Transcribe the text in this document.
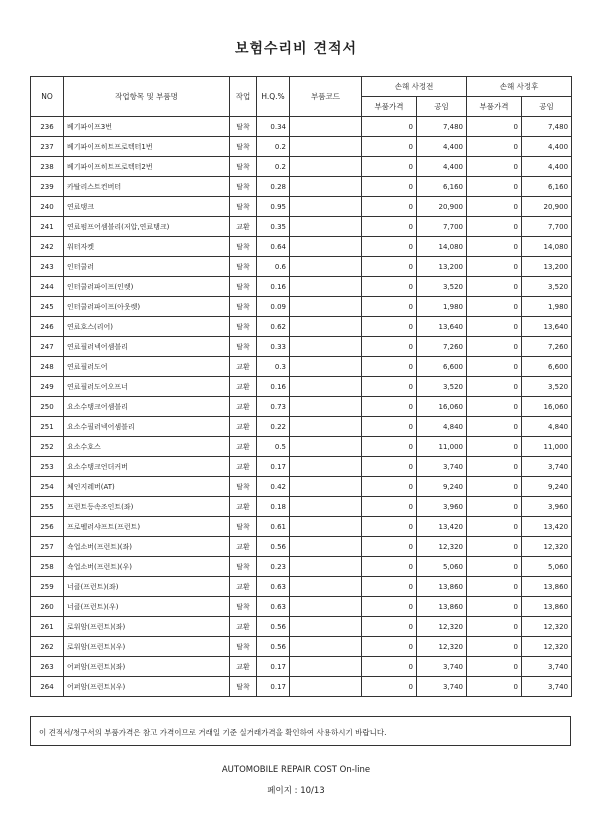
보험수리비 견적서
NO	작업항목 및 부품명	작업	H.Q.%	부품코드	손해 사정전		손해 사정후	
					부품가격	공임	부품가격	공임
236	베기파이프3번	탈착	0.34		0	7,480	0	7,480
237	베기파이프히트프로텍터1번	탈착	0.2		0	4,400	0	4,400
238	베기파이프히트프로텍터2번	탈착	0.2		0	4,400	0	4,400
239	카탈리스트컨버터	탈착	0.28		0	6,160	0	6,160
240	연료탱크	탈착	0.95		0	20,900	0	20,900
241	연료펌프어셈블리(저압,연료탱크)	교환	0.35		0	7,700	0	7,700
242	워터자켓	탈착	0.64		0	14,080	0	14,080
243	인터쿨러	탈착	0.6		0	13,200	0	13,200
244	인터쿨러파이프(인렛)	탈착	0.16		0	3,520	0	3,520
245	인터쿨러파이프(아웃렛)	탈착	0.09		0	1,980	0	1,980
246	연료호스(리어)	탈착	0.62		0	13,640	0	13,640
247	연료필러넥어셈블리	탈착	0.33		0	7,260	0	7,260
248	연료필러도어	교환	0.3		0	6,600	0	6,600
249	연료필러도어오프너	교환	0.16		0	3,520	0	3,520
250	요소수탱크어셈블리	교환	0.73		0	16,060	0	16,060
251	요소수필러넥어셈블리	교환	0.22		0	4,840	0	4,840
252	요소수호스	교환	0.5		0	11,000	0	11,000
253	요소수탱크언더커버	교환	0.17		0	3,740	0	3,740
254	체인지레버(AT)	탈착	0.42		0	9,240	0	9,240
255	프런트등속조인트(좌)	교환	0.18		0	3,960	0	3,960
256	프로펠러샤프트(프런트)	탈착	0.61		0	13,420	0	13,420
257	쇽업소버(프런트)(좌)	교환	0.56		0	12,320	0	12,320
258	쇽업소버(프런트)(우)	탈착	0.23		0	5,060	0	5,060
259	너클(프런트)(좌)	교환	0.63		0	13,860	0	13,860
260	너클(프런트)(우)	탈착	0.63		0	13,860	0	13,860
261	로워암(프런트)(좌)	교환	0.56		0	12,320	0	12,320
262	로워암(프런트)(우)	탈착	0.56		0	12,320	0	12,320
263	어퍼암(프런트)(좌)	교환	0.17		0	3,740	0	3,740
264	어퍼암(프런트)(우)	탈착	0.17		0	3,740	0	3,740
이 견적서/청구서의 부품가격은 참고 가격이므로 거래일 기준 실거래가격을 확인하여 사용하시기 바랍니다.
AUTOMOBILE REPAIR COST On-line
페이지 : 10/13
